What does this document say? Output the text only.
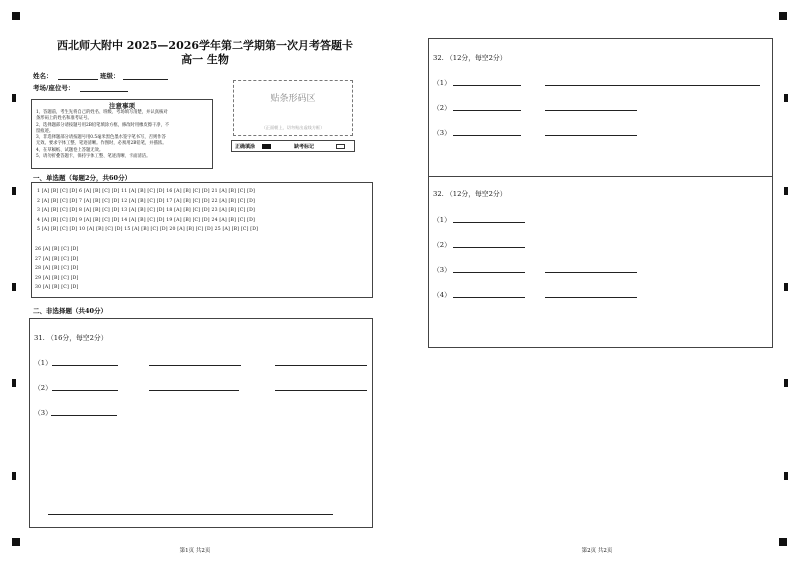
西北师大附中 2025—2026学年第二学期第一次月考答题卡
高一 生物
姓名：	班级：
考场/座位号：
注意事项

1、答题前，考生先将自己的姓名、班级、考场填写清楚，并认真核对

条形码上的姓名和准考证号。

2、选择题部分请按题号用2B铅笔填涂方框，修改时用橡皮擦干净，不

留痕迹。

3、非选择题部分请按题号用0.5毫米黑色墨水签字笔书写，否则作答

无效。要求字体工整、笔迹清晰。作图时，必须用2B铅笔，并描浓。

4、在草稿纸、试题卷上答题无效。

5、请勿折叠答题卡，保持字体工整、笔迹清晰、卡面清洁。

贴条形码区
（正面朝上，切勿贴出虚线方框）
正确填涂	缺考标记
一、单选题（每题2分，共60分）
1 [A] [B] [C] [D] 6 [A] [B] [C] [D] 11 [A] [B] [C] [D] 16 [A] [B] [C] [D] 21 [A] [B] [C] [D]
2 [A] [B] [C] [D] 7 [A] [B] [C] [D] 12 [A] [B] [C] [D] 17 [A] [B] [C] [D] 22 [A] [B] [C] [D]
3 [A] [B] [C] [D] 8 [A] [B] [C] [D] 13 [A] [B] [C] [D] 18 [A] [B] [C] [D] 23 [A] [B] [C] [D]
4 [A] [B] [C] [D] 9 [A] [B] [C] [D] 14 [A] [B] [C] [D] 19 [A] [B] [C] [D] 24 [A] [B] [C] [D]
5 [A] [B] [C] [D] 10 [A] [B] [C] [D] 15 [A] [B] [C] [D] 20 [A] [B] [C] [D] 25 [A] [B] [C] [D]
26 [A] [B] [C] [D]
27 [A] [B] [C] [D]
28 [A] [B] [C] [D]
29 [A] [B] [C] [D]
30 [A] [B] [C] [D]
二、非选择题（共40分）
31. （16分，每空2分）
（1）
（2）
（3）
第1页 共2页
32. （12分，每空2分）
（1）
（2）
（3）
32. （12分，每空2分）
（1）
（2）
（3）
（4）
第2页 共2页
